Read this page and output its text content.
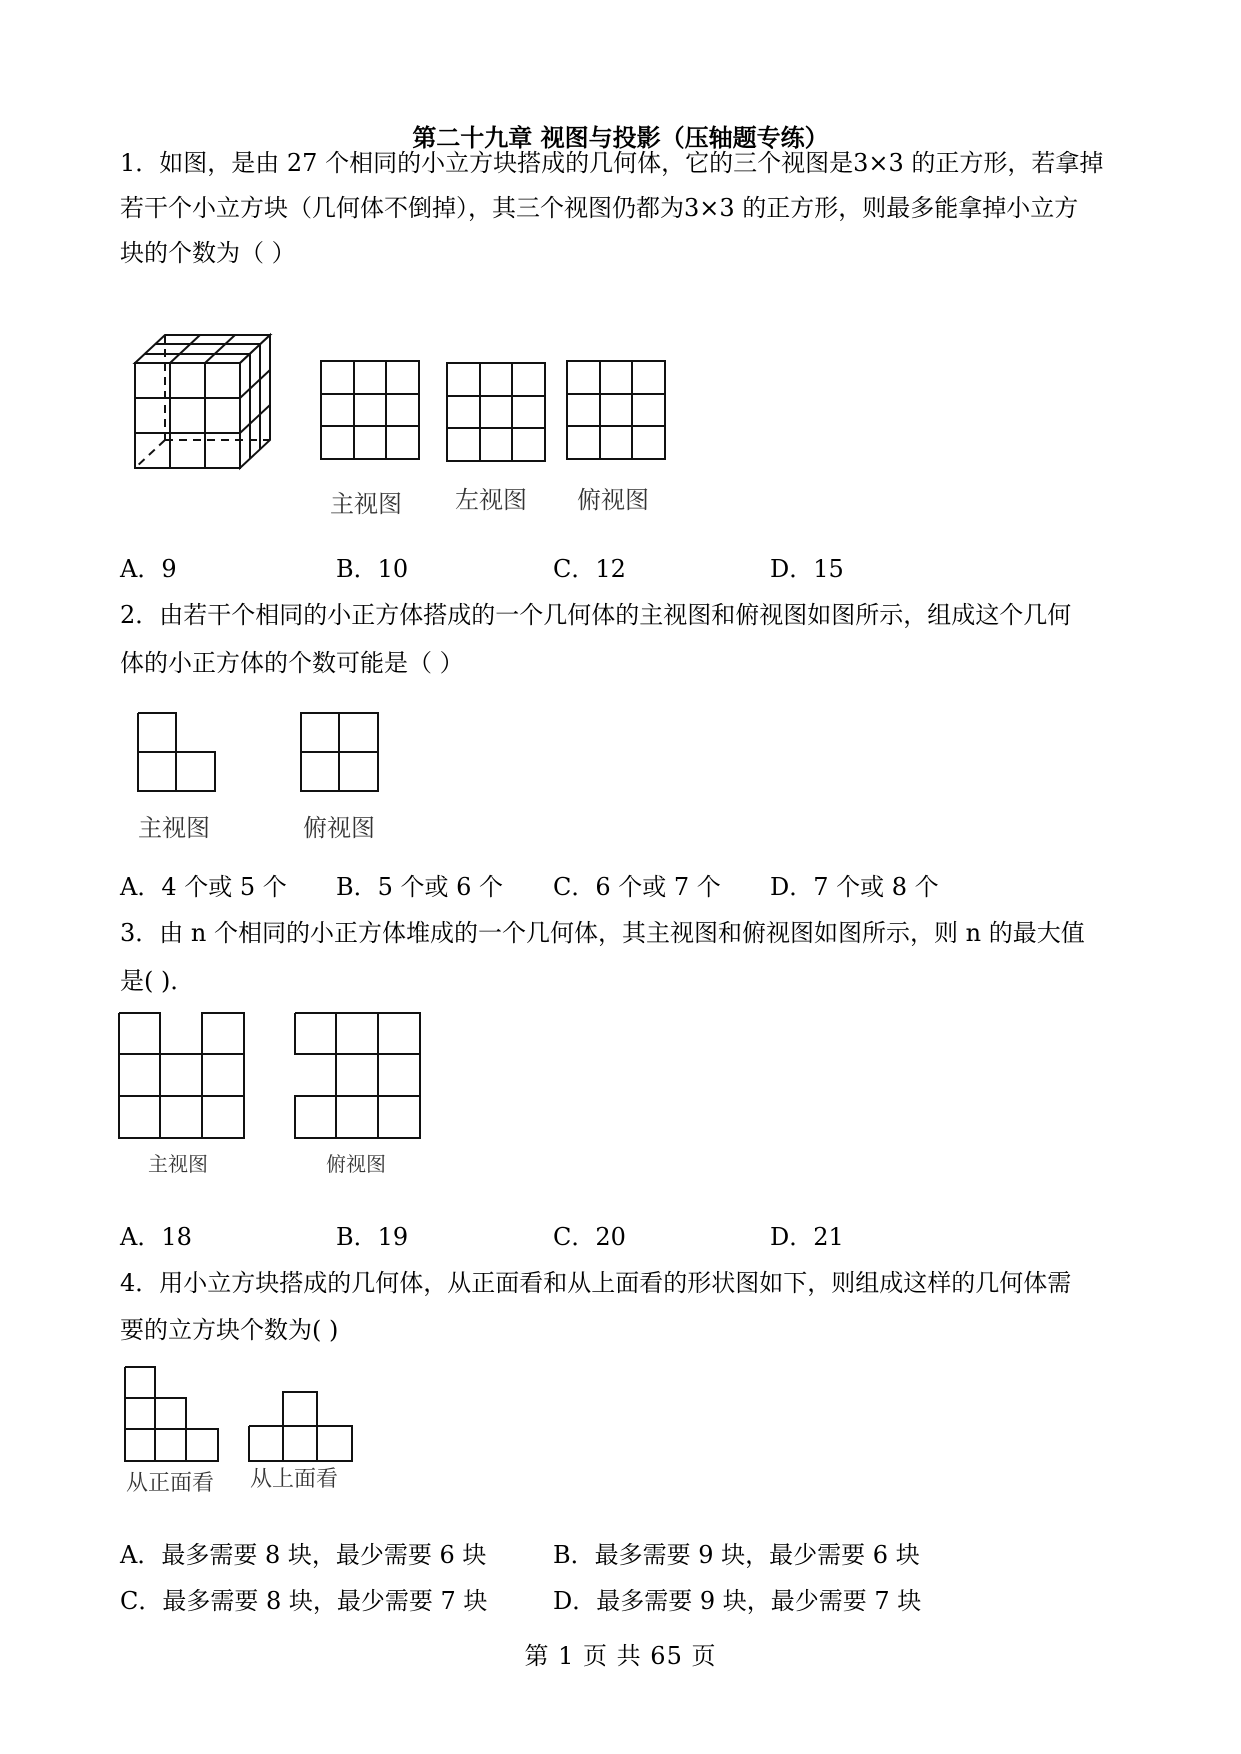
第二十九章 视图与投影（压轴题专练）
1．如图，是由 27 个相同的小立方块搭成的几何体，它的三个视图是3×3 的正方形，若拿掉
若干个小立方块（几何体不倒掉），其三个视图仍都为3×3 的正方形，则最多能拿掉小立方
块的个数为（ ）
主视图 左视图 俯视图
A．9	B．10	C．12	D．15
2．由若干个相同的小正方体搭成的一个几何体的主视图和俯视图如图所示，组成这个几何
体的小正方体的个数可能是（ ）
主视图	俯视图
A．4 个或 5 个 B．5 个或 6 个 C．6 个或 7 个 D．7 个或 8 个
3．由 n 个相同的小正方体堆成的一个几何体，其主视图和俯视图如图所示，则 n 的最大值
是( )．
主视图	俯视图
A．18	B．19	C．20	D．21
4．用小立方块搭成的几何体，从正面看和从上面看的形状图如下，则组成这样的几何体需
要的立方块个数为( )
从正面看 从上面看
A．最多需要 8 块，最少需要 6 块	B．最多需要 9 块，最少需要 6 块
C．最多需要 8 块，最少需要 7 块	D．最多需要 9 块，最少需要 7 块
第 1 页 共 65 页
